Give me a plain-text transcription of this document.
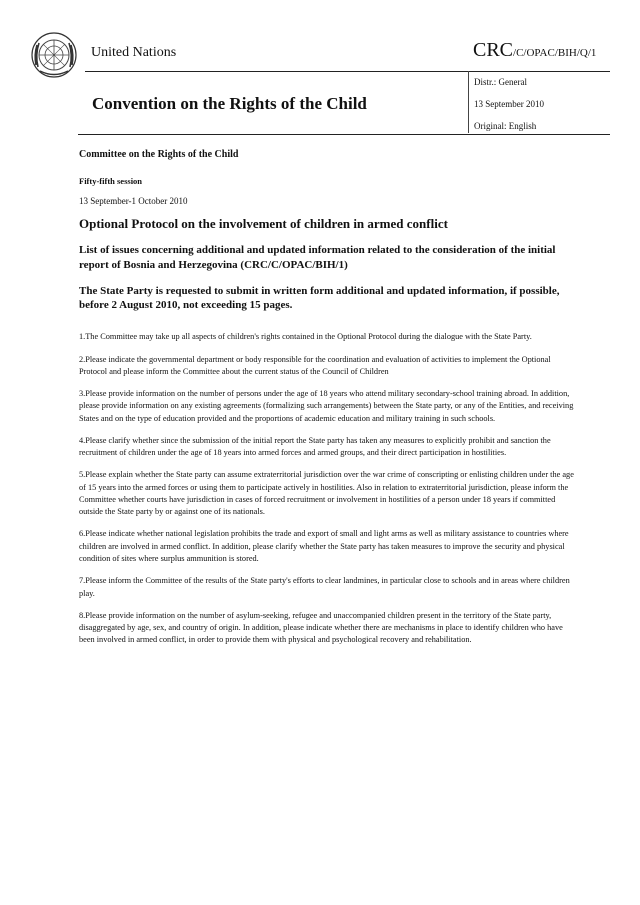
United Nations	CRC/C/OPAC/BIH/Q/1
Distr.: General
13 September 2010
Original: English
Convention on the Rights of the Child

Committee on the Rights of the Child

Fifty-fifth session

13 September-1 October 2010

Optional Protocol on the involvement of children in armed conflict

List of issues concerning additional and updated information related to the consideration of the initial report of Bosnia and Herzegovina (CRC/C/OPAC/BIH/1)

The State Party is requested to submit in written form additional and updated information, if possible, before 2 August 2010, not exceeding 15 pages.

1.The Committee may take up all aspects of children's rights contained in the Optional Protocol during the dialogue with the State Party.

2.Please indicate the governmental department or body responsible for the coordination and evaluation of activities to implement the Optional Protocol and please inform the Committee about the current status of the Council of Children

3.Please provide information on the number of persons under the age of 18 years who attend military secondary-school training abroad. In addition, please provide information on any existing agreements (formalizing such arrangements) between the State party, or any of the Entities, and receiving States and on the type of education provided and the proportions of academic education and military training in such schools.

4.Please clarify whether since the submission of the initial report the State party has taken any measures to explicitly prohibit and sanction the recruitment of children under the age of 18 years into armed forces and armed groups, and their direct participation in hostilities.

5.Please explain whether the State party can assume extraterritorial jurisdiction over the war crime of conscripting or enlisting children under the age of 15 years into the armed forces or using them to participate actively in hostilities. Also in relation to extraterritorial jurisdiction, please inform the Committee whether courts have jurisdiction in cases of forced recruitment or involvement in hostilities of a person under 18 years if committed outside the State party by or against one of its nationals.

6.Please indicate whether national legislation prohibits the trade and export of small and light arms as well as military assistance to countries where children are involved in armed conflict. In addition, please clarify whether the State party has taken measures to improve the security and physical condition of sites where surplus ammunition is stored.

7.Please inform the Committee of the results of the State party's efforts to clear landmines, in particular close to schools and in areas where children play.

8.Please provide information on the number of asylum-seeking, refugee and unaccompanied children present in the territory of the State party, disaggregated by age, sex, and country of origin. In addition, please indicate whether there are mechanisms in place to identify children who have been involved in armed conflict, in order to provide them with physical and psychological recovery and rehabilitation.
